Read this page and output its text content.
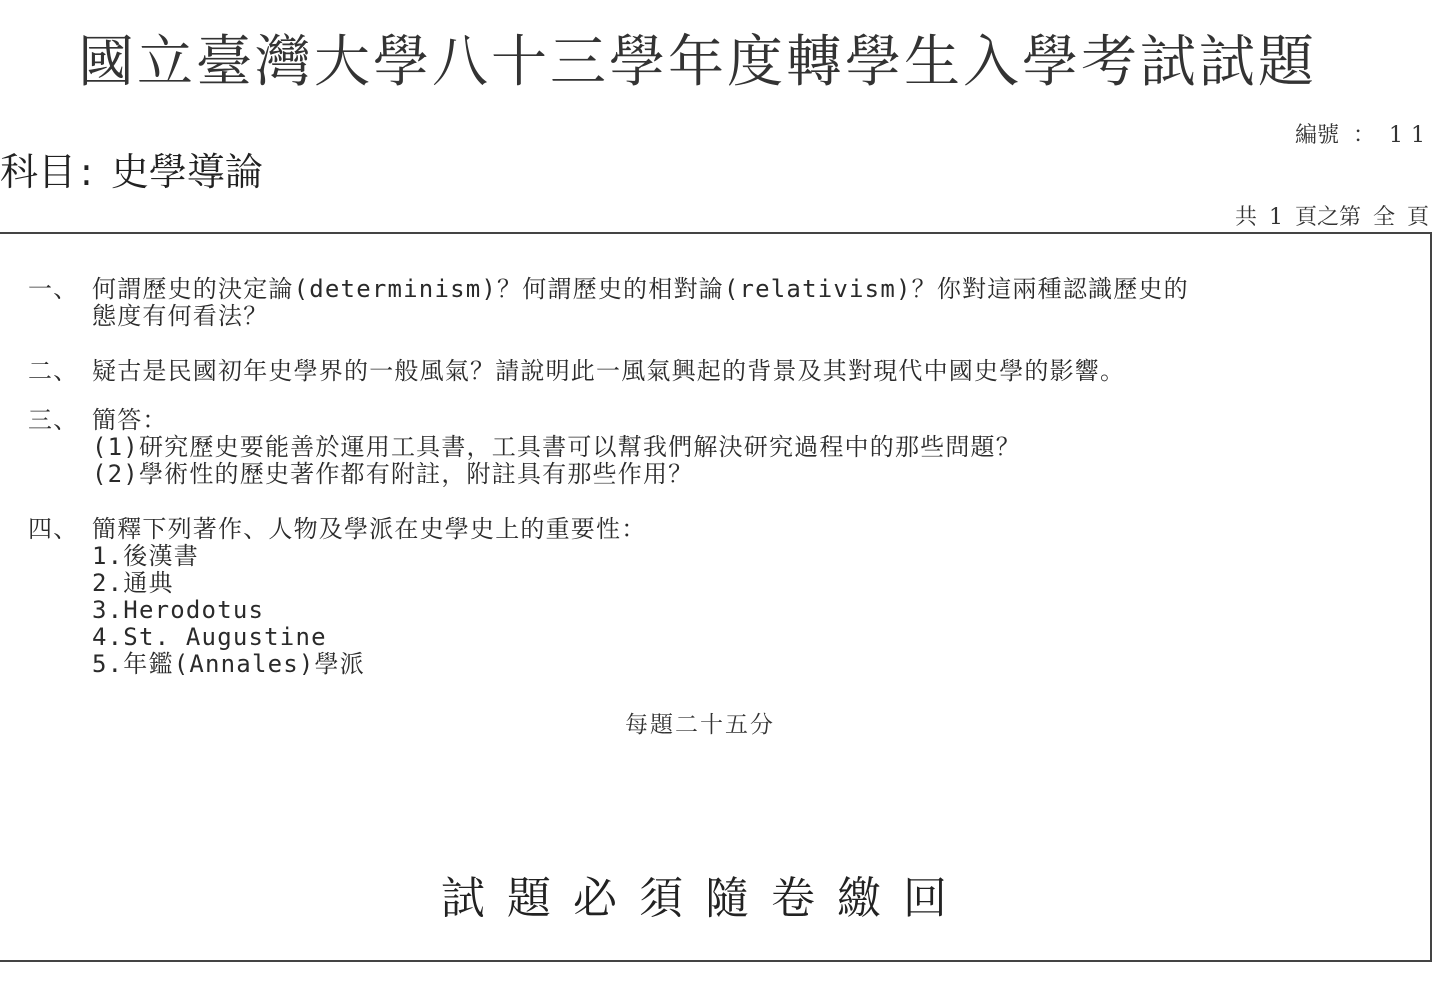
國立臺灣大學八十三學年度轉學生入學考試試題
編號 ： 11
科目 : 史學導論
共 1 頁之第 全 頁
一、 何謂歷史的決定論(determinism)？何謂歷史的相對論(relativism)？你對這兩種認識歷史的
態度有何看法？
二、 疑古是民國初年史學界的一般風氣？請說明此一風氣興起的背景及其對現代中國史學的影響。
三、 簡答：
(1)研究歷史要能善於運用工具書，工具書可以幫我們解決研究過程中的那些問題？
(2)學術性的歷史著作都有附註，附註具有那些作用？
四、 簡釋下列著作、人物及學派在史學史上的重要性：
1.後漢書
2.通典
3.Herodotus
4.St. Augustine
5.年鑑(Annales)學派
每題二十五分
試題必須隨卷繳回
